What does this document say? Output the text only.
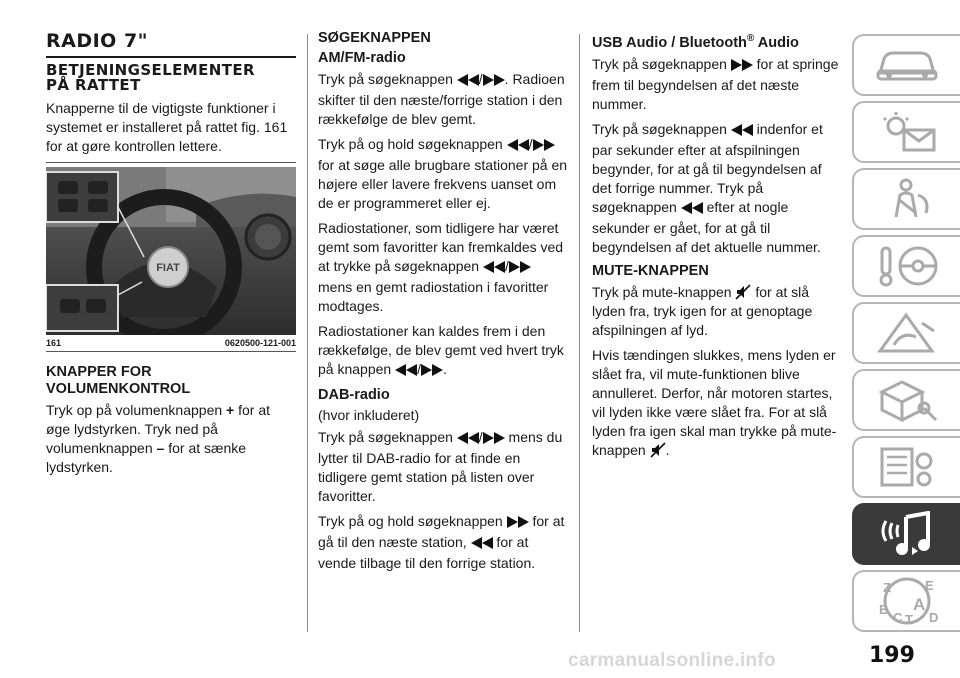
RADIO 7"
BETJENINGSELEMENTER
PÅ RATTET
Knapperne til de vigtigste funktioner i systemet er installeret på rattet fig. 161 for at gøre kontrollen lettere.
FIAT
161	0620500-121-001
KNAPPER FOR
VOLUMENKONTROL
Tryk op på volumenknappen + for at øge lydstyrken. Tryk ned på volumenknappen – for at sænke lydstyrken.
SØGEKNAPPEN
AM/FM-radio
Tryk på søgeknappen / . Radioen skifter til den næste/forrige station i den rækkefølge de blev gemt.
Tryk på og hold søgeknappen / for at søge alle brugbare stationer på en højere eller lavere frekvens uanset om de er programmeret eller ej.
Radiostationer, som tidligere har været gemt som favoritter kan fremkaldes ved at trykke på søgeknappen / mens en gemt radiostation i favoritter modtages.
Radiostationer kan kaldes frem i den rækkefølge, de blev gemt ved hvert tryk på knappen / .
DAB-radio
(hvor inkluderet)
Tryk på søgeknappen / mens du lytter til DAB-radio for at finde en tidligere gemt station på listen over favoritter.
Tryk på og hold søgeknappen  for at gå til den næste station,  for at vende tilbage til den forrige station.
USB Audio / Bluetooth® Audio
Tryk på søgeknappen  for at springe frem til begyndelsen af det næste nummer.
Tryk på søgeknappen  indenfor et par sekunder efter at afspilningen begynder, for at gå til begyndelsen af det forrige nummer. Tryk på søgeknappen  efter at nogle sekunder er gået, for at gå til begyndelsen af det aktuelle nummer.
MUTE-KNAPPEN
Tryk på mute-knappen  for at slå lyden fra, tryk igen for at genoptage afspilningen af lyd.
Hvis tændingen slukkes, mens lyden er slået fra, vil mute-funktionen blive annulleret. Derfor, når motoren startes, vil lyden ikke være slået fra. For at slå lyden fra igen skal man trykke på mute-knappen .
Z	E
B A
C T D
carmanualsonline.info	199
